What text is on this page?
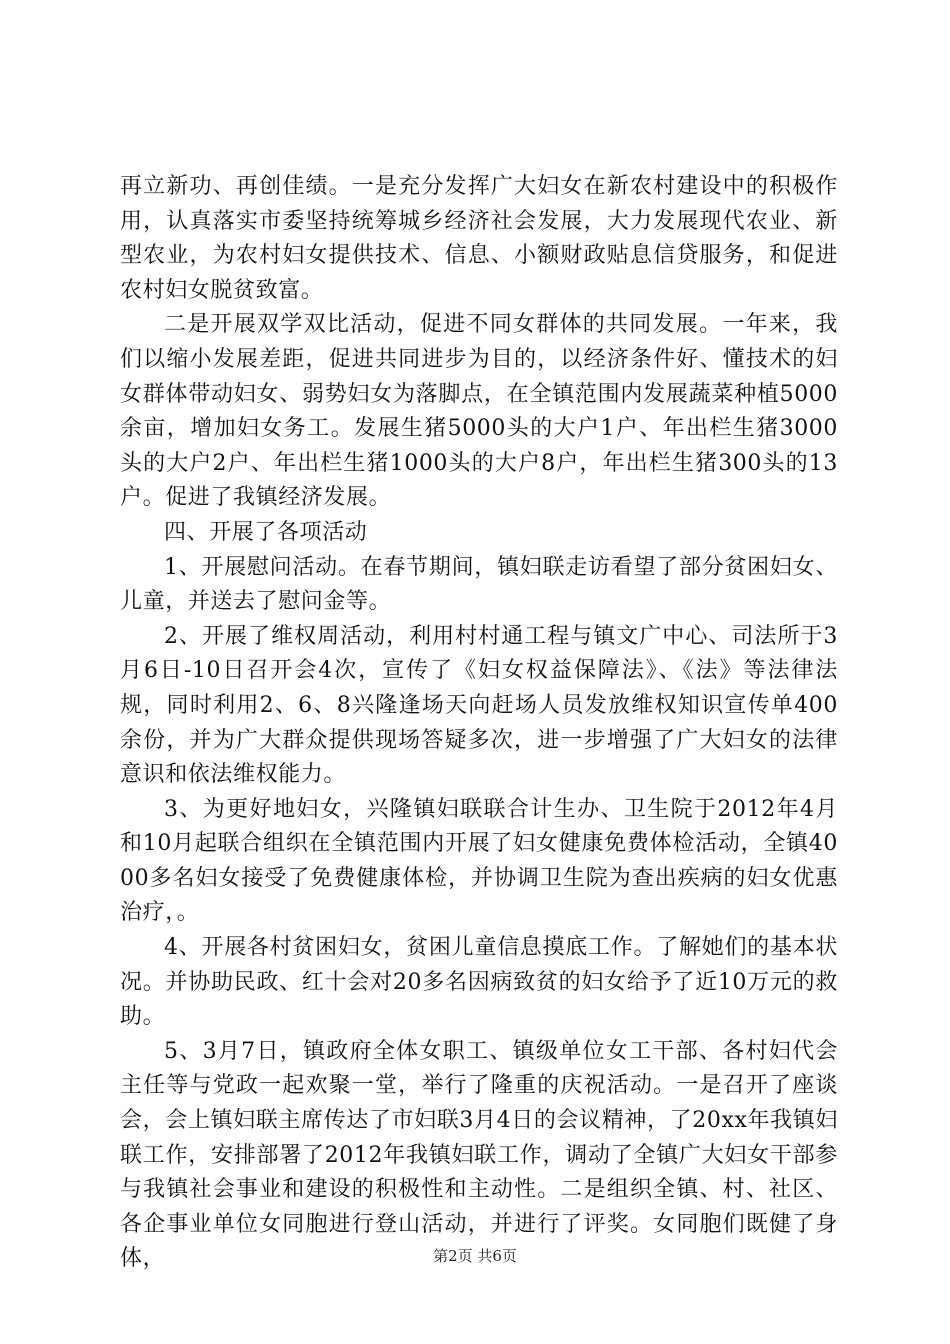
再立新功、再创佳绩。一是充分发挥广大妇女在新农村建设中的积极作用，认真落实市委坚持统筹城乡经济社会发展，大力发展现代农业、新型农业，为农村妇女提供技术、信息、小额财政贴息信贷服务，和促进农村妇女脱贫致富。

二是开展双学双比活动，促进不同女群体的共同发展。一年来，我们以缩小发展差距，促进共同进步为目的，以经济条件好、懂技术的妇女群体带动妇女、弱势妇女为落脚点，在全镇范围内发展蔬菜种植5000余亩，增加妇女务工。发展生猪5000头的大户1户、年出栏生猪3000头的大户2户、年出栏生猪1000头的大户8户，年出栏生猪300头的13户。促进了我镇经济发展。

四、开展了各项活动

1、开展慰问活动。在春节期间，镇妇联走访看望了部分贫困妇女、儿童，并送去了慰问金等。

2、开展了维权周活动，利用村村通工程与镇文广中心、司法所于3月6日-10日召开会4次，宣传了《妇女权益保障法》、《法》等法律法规，同时利用2、6、8兴隆逢场天向赶场人员发放维权知识宣传单400余份，并为广大群众提供现场答疑多次，进一步增强了广大妇女的法律意识和依法维权能力。

3、为更好地妇女，兴隆镇妇联联合计生办、卫生院于2012年4月和10月起联合组织在全镇范围内开展了妇女健康免费体检活动，全镇4000多名妇女接受了免费健康体检，并协调卫生院为查出疾病的妇女优惠治疗，。

4、开展各村贫困妇女，贫困儿童信息摸底工作。了解她们的基本状况。并协助民政、红十会对20多名因病致贫的妇女给予了近10万元的救助。

5、3月7日，镇政府全体女职工、镇级单位女工干部、各村妇代会主任等与党政一起欢聚一堂，举行了隆重的庆祝活动。一是召开了座谈会，会上镇妇联主席传达了市妇联3月4日的会议精神，了20xx年我镇妇联工作，安排部署了2012年我镇妇联工作，调动了全镇广大妇女干部参与我镇社会事业和建设的积极性和主动性。二是组织全镇、村、社区、各企事业单位女同胞进行登山活动，并进行了评奖。女同胞们既健了身体，	第2页 共6页
